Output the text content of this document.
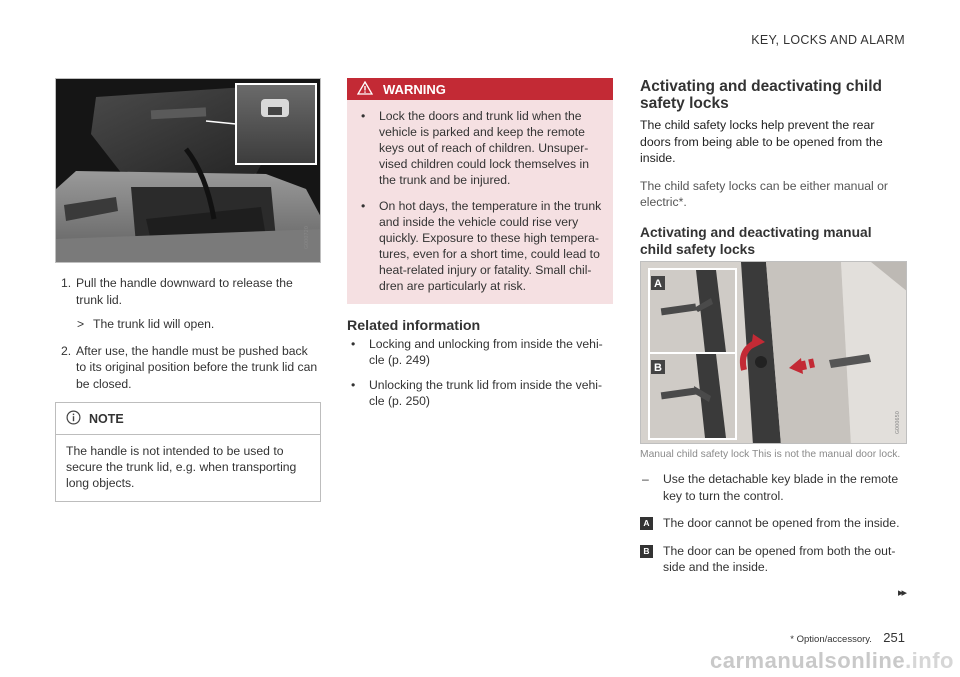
KEY, LOCKS AND ALARM
G000720
1. Pull the handle downward to release the trunk lid.
> The trunk lid will open.
2. After use, the handle must be pushed back to its original position before the trunk lid can be closed.
NOTE
The handle is not intended to be used to secure the trunk lid, e.g. when transporting long objects.
WARNING
• Lock the doors and trunk lid when the vehicle is parked and keep the remote keys out of reach of children. Unsuper-vised children could lock themselves in the trunk and be injured.
• On hot days, the temperature in the trunk and inside the vehicle could rise very quickly. Exposure to these high tempera-tures, even for a short time, could lead to heat-related injury or fatality. Small chil-dren are particularly at risk.
Related information
• Locking and unlocking from inside the vehi-cle (p. 249)
• Unlocking the trunk lid from inside the vehi-cle (p. 250)
Activating and deactivating child safety locks
The child safety locks help prevent the rear doors from being able to be opened from the inside.
The child safety locks can be either manual or electric*.
Activating and deactivating manual child safety locks
A
B
G000650
Manual child safety lock This is not the manual door lock.
– Use the detachable key blade in the remote key to turn the control.
A The door cannot be opened from the inside.
B The door can be opened from both the out-side and the inside.
▸▸
* Option/accessory. 251
carmanualsonline.info
